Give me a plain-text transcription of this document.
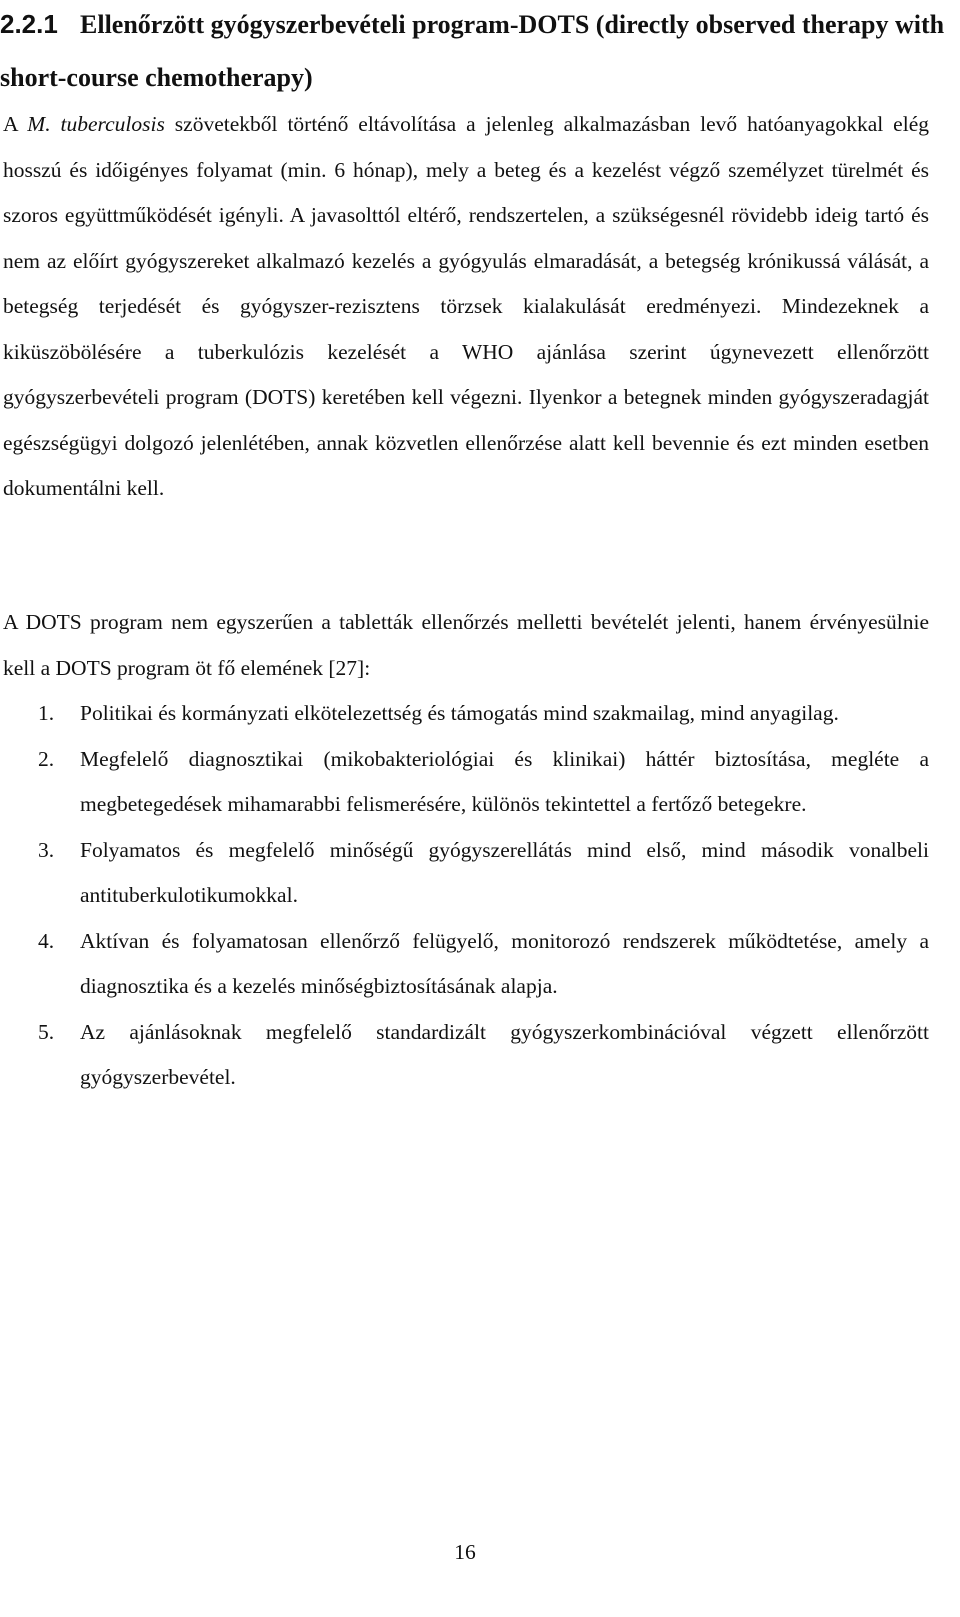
2.2.1 Ellenőrzött gyógyszerbevételi program-DOTS (directly observed therapy with short-course chemotherapy)

A M. tuberculosis szövetekből történő eltávolítása a jelenleg alkalmazásban levő hatóanyagokkal elég hosszú és időigényes folyamat (min. 6 hónap), mely a beteg és a kezelést végző személyzet türelmét és szoros együttműködését igényli. A javasolttól eltérő, rendszertelen, a szükségesnél rövidebb ideig tartó és nem az előírt gyógyszereket alkalmazó kezelés a gyógyulás elmaradását, a betegség krónikussá válását, a betegség terjedését és gyógyszer-rezisztens törzsek kialakulását eredményezi. Mindezeknek a kiküszöbölésére a tuberkulózis kezelését a WHO ajánlása szerint úgynevezett ellenőrzött gyógyszerbevételi program (DOTS) keretében kell végezni. Ilyenkor a betegnek minden gyógyszeradagját egészségügyi dolgozó jelenlétében, annak közvetlen ellenőrzése alatt kell bevennie és ezt minden esetben dokumentálni kell.

A DOTS program nem egyszerűen a tabletták ellenőrzés melletti bevételét jelenti, hanem érvényesülnie kell a DOTS program öt fő elemének [27]:

1. Politikai és kormányzati elkötelezettség és támogatás mind szakmailag, mind anyagilag.
2. Megfelelő diagnosztikai (mikobakteriológiai és klinikai) háttér biztosítása, megléte a megbetegedések mihamarabbi felismerésére, különös tekintettel a fertőző betegekre.
3. Folyamatos és megfelelő minőségű gyógyszerellátás mind első, mind második vonalbeli antituberkulotikumokkal.
4. Aktívan és folyamatosan ellenőrző felügyelő, monitorozó rendszerek működtetése, amely a diagnosztika és a kezelés minőségbiztosításának alapja.
5. Az ajánlásoknak megfelelő standardizált gyógyszerkombinációval végzett ellenőrzött gyógyszerbevétel.
16
